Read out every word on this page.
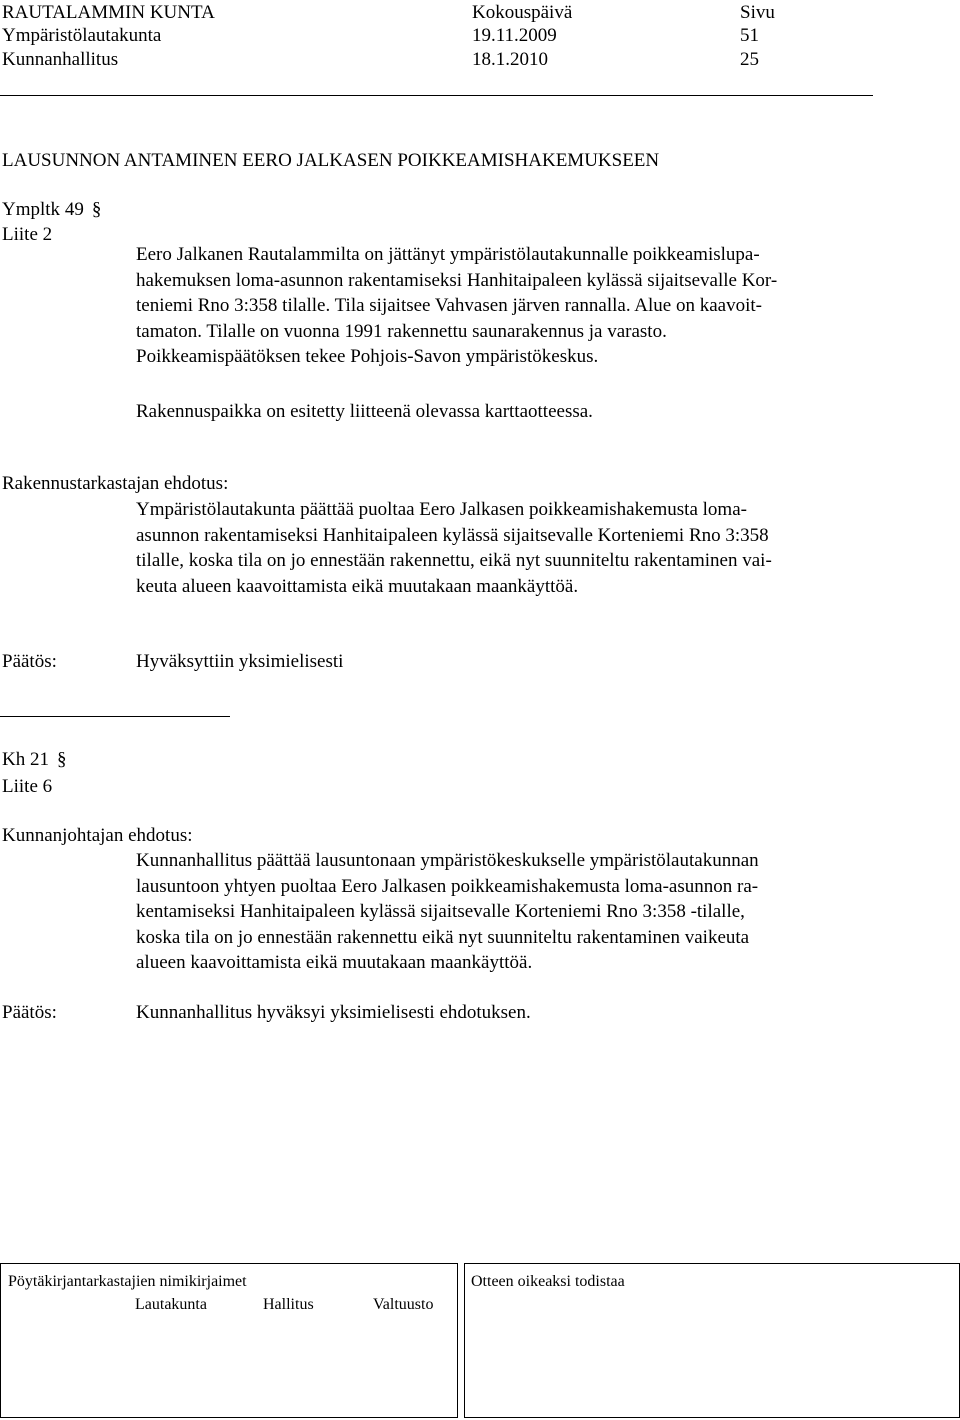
RAUTALAMMIN KUNTA	Kokouspäivä	Sivu
Ympäristölautakunta	19.11.2009	51
Kunnanhallitus	18.1.2010	25
LAUSUNNON ANTAMINEN EERO JALKASEN POIKKEAMISHAKEMUKSEEN
Ympltk 49 §
Liite 2

Eero Jalkanen Rautalammilta on jättänyt ympäristölautakunnalle poikkeamislupa-

hakemuksen loma-asunnon rakentamiseksi Hanhitaipaleen kylässä sijaitsevalle Kor-

teniemi Rno 3:358 tilalle. Tila sijaitsee Vahvasen järven rannalla. Alue on kaavoit-

tamaton. Tilalle on vuonna 1991 rakennettu saunarakennus ja varasto.

Poikkeamispäätöksen tekee Pohjois-Savon ympäristökeskus.

Rakennuspaikka on esitetty liitteenä olevassa karttaotteessa.
Rakennustarkastajan ehdotus:

Ympäristölautakunta päättää puoltaa Eero Jalkasen poikkeamishakemusta loma-

asunnon rakentamiseksi Hanhitaipaleen kylässä sijaitsevalle Korteniemi Rno 3:358

tilalle, koska tila on jo ennestään rakennettu, eikä nyt suunniteltu rakentaminen vai-

keuta alueen kaavoittamista eikä muutakaan maankäyttöä.

Päätös:	Hyväksyttiin yksimielisesti
Kh 21 §
Liite 6
Kunnanjohtajan ehdotus:

Kunnanhallitus päättää lausuntonaan ympäristökeskukselle ympäristölautakunnan

lausuntoon yhtyen puoltaa Eero Jalkasen poikkeamishakemusta loma-asunnon ra-

kentamiseksi Hanhitaipaleen kylässä sijaitsevalle Korteniemi Rno 3:358 -tilalle,

koska tila on jo ennestään rakennettu eikä nyt suunniteltu rakentaminen vaikeuta

alueen kaavoittamista eikä muutakaan maankäyttöä.

Päätös:	Kunnanhallitus hyväksyi yksimielisesti ehdotuksen.
Pöytäkirjantarkastajien nimikirjaimet
Lautakunta	Hallitus	Valtuusto
Otteen oikeaksi todistaa
